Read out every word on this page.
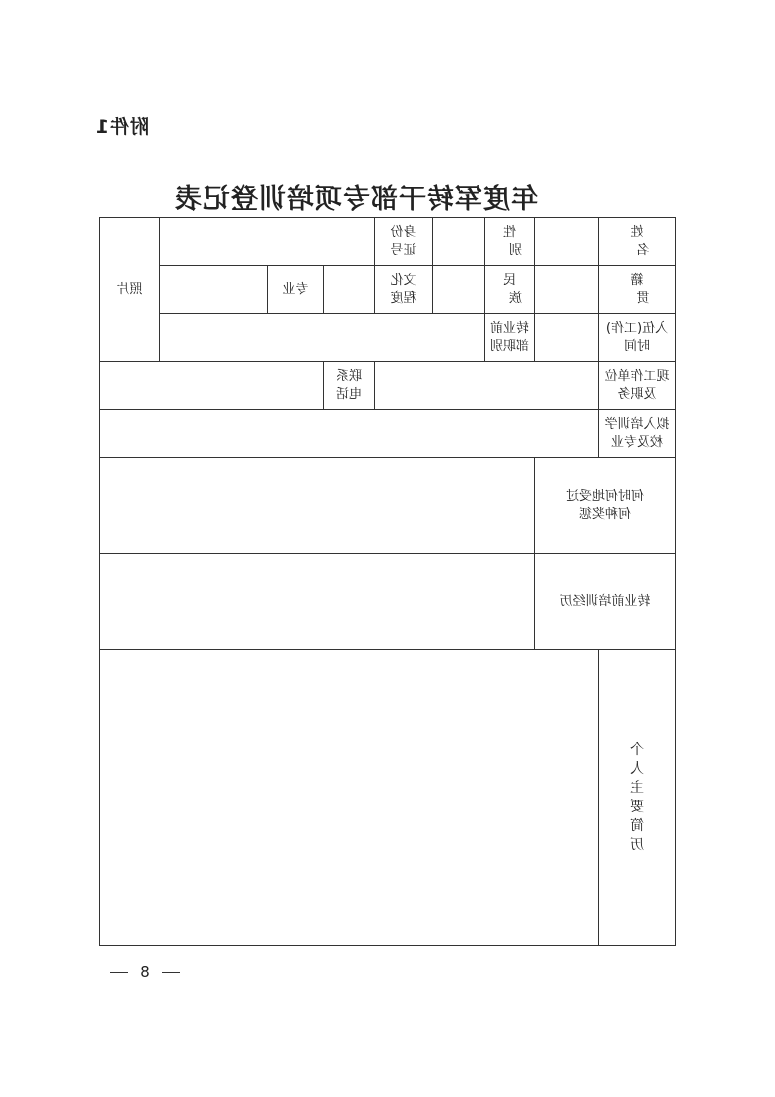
附件1
年度军转干部专项培训登记表
姓 名		性 别		身份证号				照片
籍 贯		民 族		文化程度		专业		

入伍(工作)时间		转业前部职别						

现工作单位及职务					联系电话			

拟入培训学校及专业								

何时何地受过何种奖惩								

转业前培训经历								
个人主要简历								
8
